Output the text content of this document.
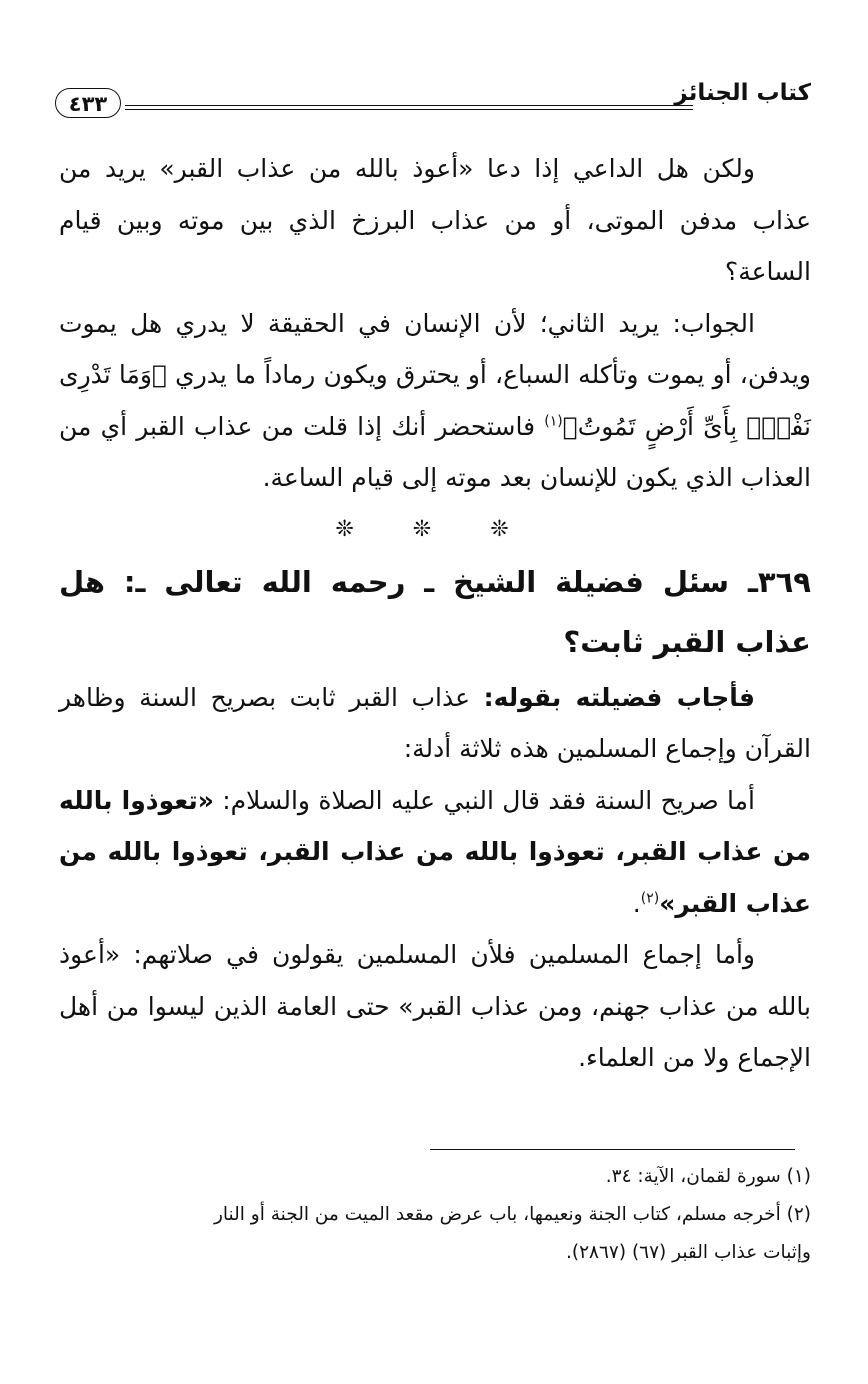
كتاب الجنائز
٤٣٣

ولكن هل الداعي إذا دعا «أعوذ بالله من عذاب القبر» يريد من عذاب مدفن الموتى، أو من عذاب البرزخ الذي بين موته وبين قيام الساعة؟

الجواب: يريد الثاني؛ لأن الإنسان في الحقيقة لا يدري هل يموت ويدفن، أو يموت وتأكله السباع، أو يحترق ويكون رماداً ما يدري ﴿وَمَا تَدْرِى نَفْسٌۢ بِأَىِّ أَرْضٍ تَمُوتُ﴾$^{(١)}$ فاستحضر أنك إذا قلت من عذاب القبر أي من العذاب الذي يكون للإنسان بعد موته إلى قيام الساعة.

❊ ❊ ❊

٣٦٩ـ سئل فضيلة الشيخ ـ رحمه الله تعالى ـ: هل عذاب القبر ثابت؟

فأجاب فضيلته بقوله: عذاب القبر ثابت بصريح السنة وظاهر القرآن وإجماع المسلمين هذه ثلاثة أدلة:

أما صريح السنة فقد قال النبي عليه الصلاة والسلام: «تعوذوا بالله من عذاب القبر، تعوذوا بالله من عذاب القبر، تعوذوا بالله من عذاب القبر»$^{(٢)}$.

وأما إجماع المسلمين فلأن المسلمين يقولون في صلاتهم: «أعوذ بالله من عذاب جهنم، ومن عذاب القبر» حتى العامة الذين ليسوا من أهل الإجماع ولا من العلماء.

(١) سورة لقمان، الآية: ٣٤.

(٢) أخرجه مسلم، كتاب الجنة ونعيمها، باب عرض مقعد الميت من الجنة أو النار

وإثبات عذاب القبر (٦٧) (٢٨٦٧).
